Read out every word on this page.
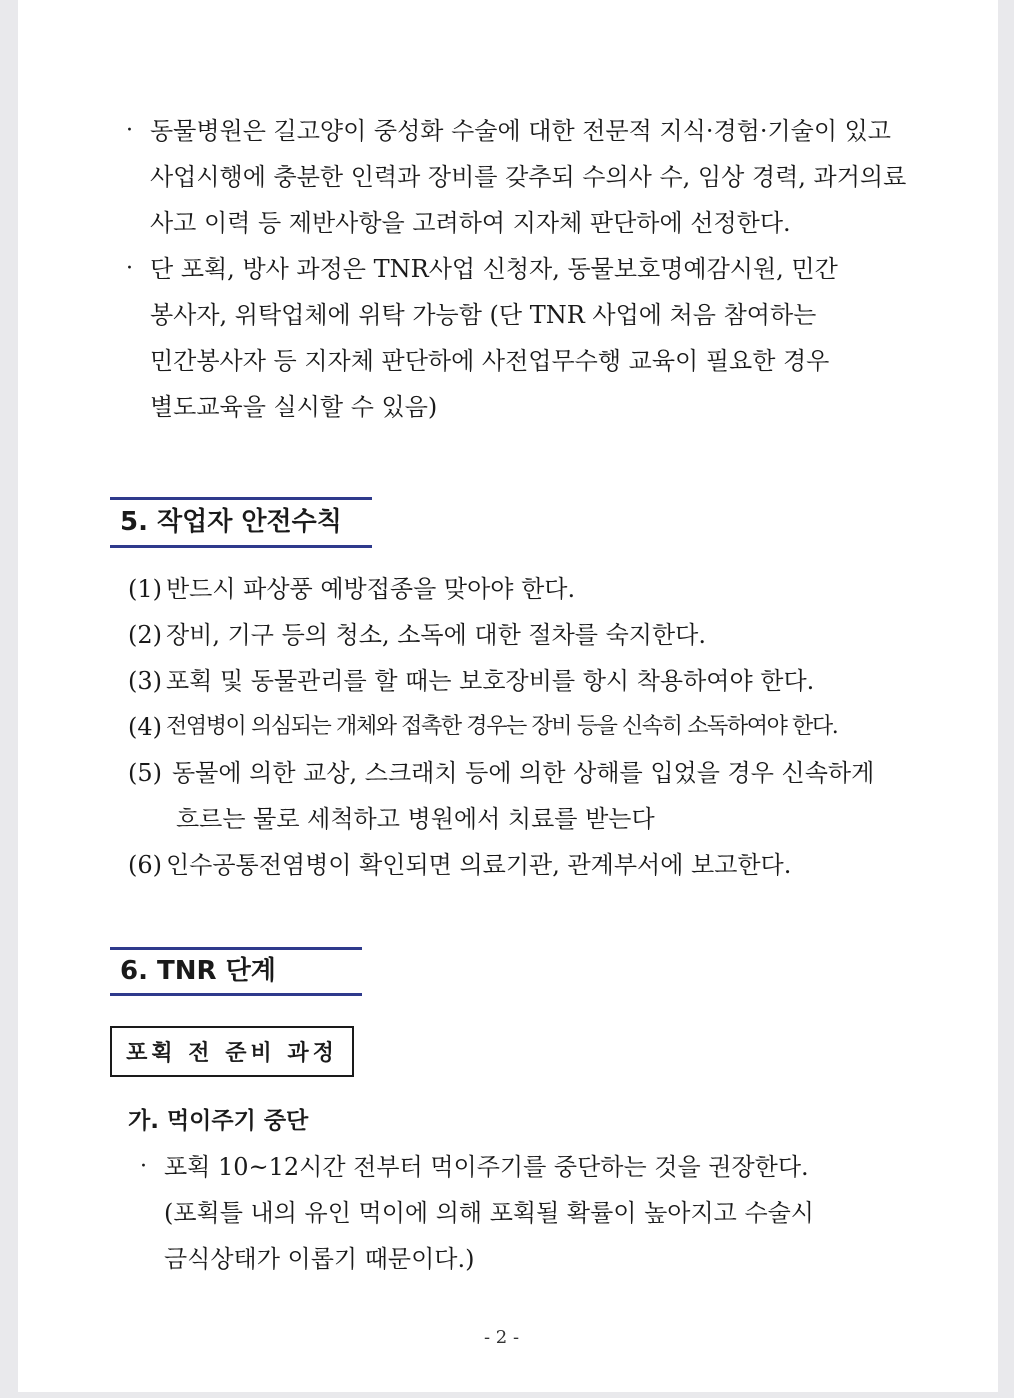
· 동물병원은 길고양이 중성화 수술에 대한 전문적 지식·경험·기술이 있고
사업시행에 충분한 인력과 장비를 갖추되 수의사 수, 임상 경력, 과거의료
사고 이력 등 제반사항을 고려하여 지자체 판단하에 선정한다.
· 단 포획, 방사 과정은 TNR사업 신청자, 동물보호명예감시원, 민간
봉사자, 위탁업체에 위탁 가능함 (단 TNR 사업에 처음 참여하는
민간봉사자 등 지자체 판단하에 사전업무수행 교육이 필요한 경우
별도교육을 실시할 수 있음)
5. 작업자 안전수칙
(1) 반드시 파상풍 예방접종을 맞아야 한다.
(2) 장비, 기구 등의 청소, 소독에 대한 절차를 숙지한다.
(3) 포획 및 동물관리를 할 때는 보호장비를 항시 착용하여야 한다.
(4) 전염병이 의심되는 개체와 접촉한 경우는 장비 등을 신속히 소독하여야 한다.
(5) 동물에 의한 교상, 스크래치 등에 의한 상해를 입었을 경우 신속하게
흐르는 물로 세척하고 병원에서 치료를 받는다
(6) 인수공통전염병이 확인되면 의료기관, 관계부서에 보고한다.
6. TNR 단계
포획 전 준비 과정
가. 먹이주기 중단
· 포획 10~12시간 전부터 먹이주기를 중단하는 것을 권장한다.
(포획틀 내의 유인 먹이에 의해 포획될 확률이 높아지고 수술시
금식상태가 이롭기 때문이다.)
- 2 -
